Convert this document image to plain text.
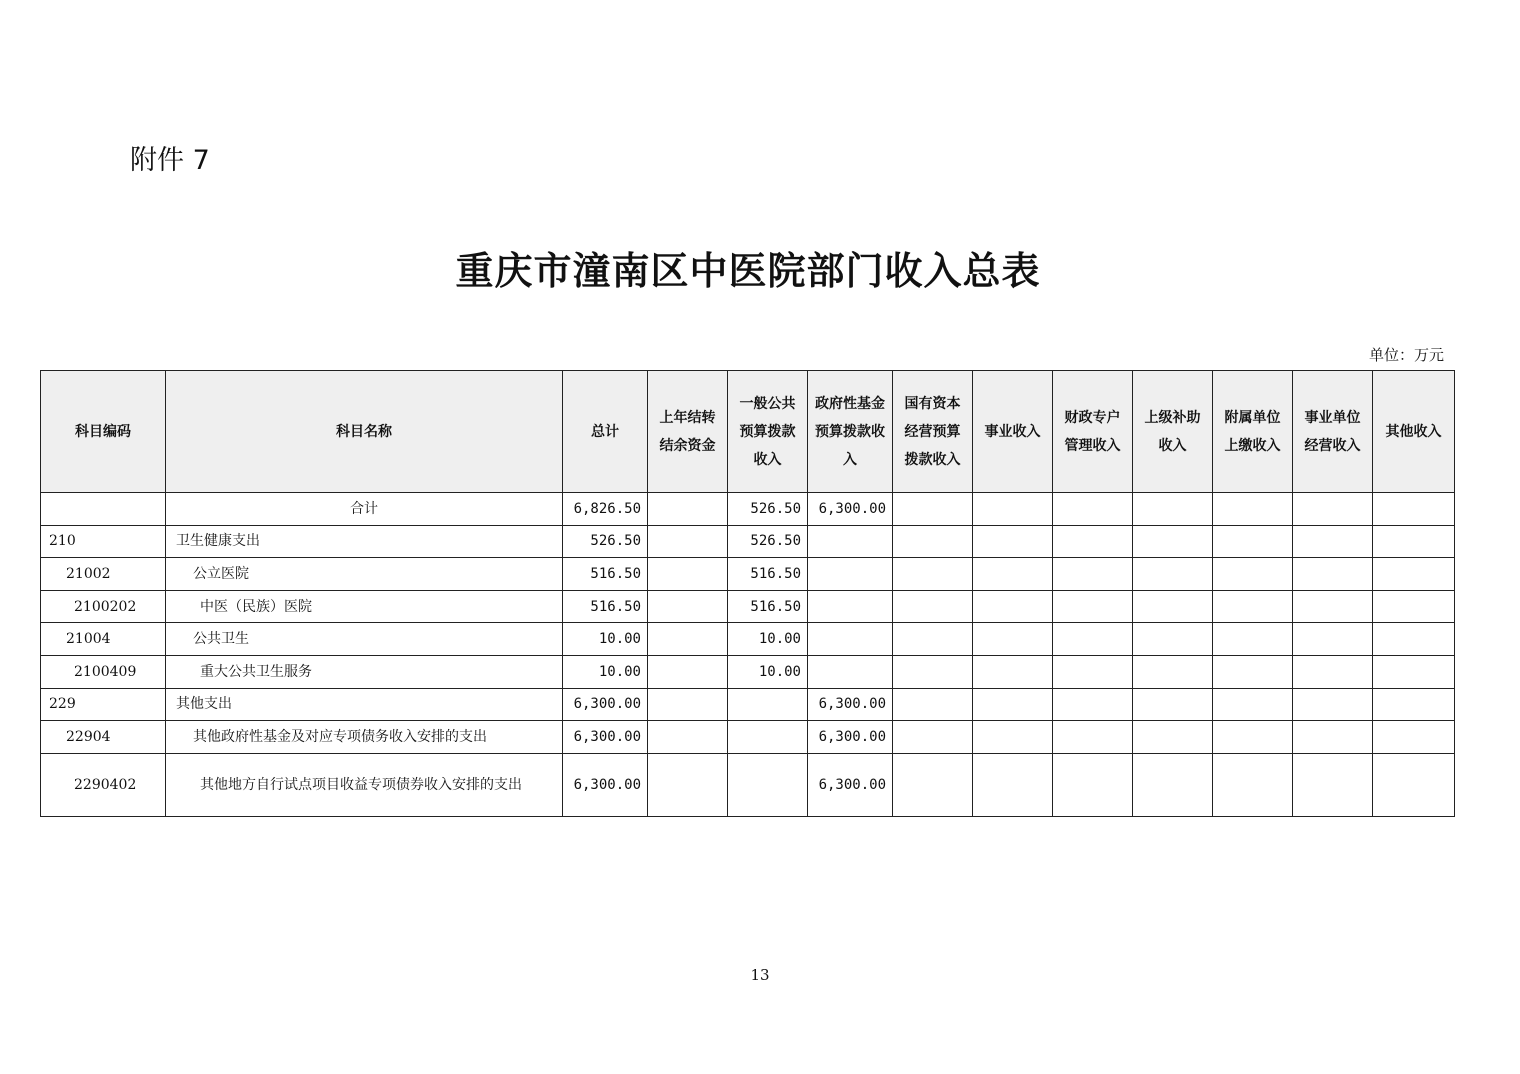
附件 7
重庆市潼南区中医院部门收入总表
单位：万元
科目编码	科目名称	总计	上年结转结余资金	一般公共预算拨款收入	政府性基金预算拨款收入	国有资本经营预算拨款收入	事业收入	财政专户管理收入	上级补助收入	附属单位上缴收入	事业单位经营收入	其他收入

	合计	6,826.50		526.50	6,300.00							
210	卫生健康支出	526.50		526.50								
21002	公立医院	516.50		516.50								
2100202	中医（民族）医院	516.50		516.50								
21004	公共卫生	10.00		10.00								
2100409	重大公共卫生服务	10.00		10.00								
229	其他支出	6,300.00			6,300.00							
22904	其他政府性基金及对应专项债务收入安排的支出	6,300.00			6,300.00							
2290402	其他地方自行试点项目收益专项债券收入安排的支出	6,300.00			6,300.00							
13
